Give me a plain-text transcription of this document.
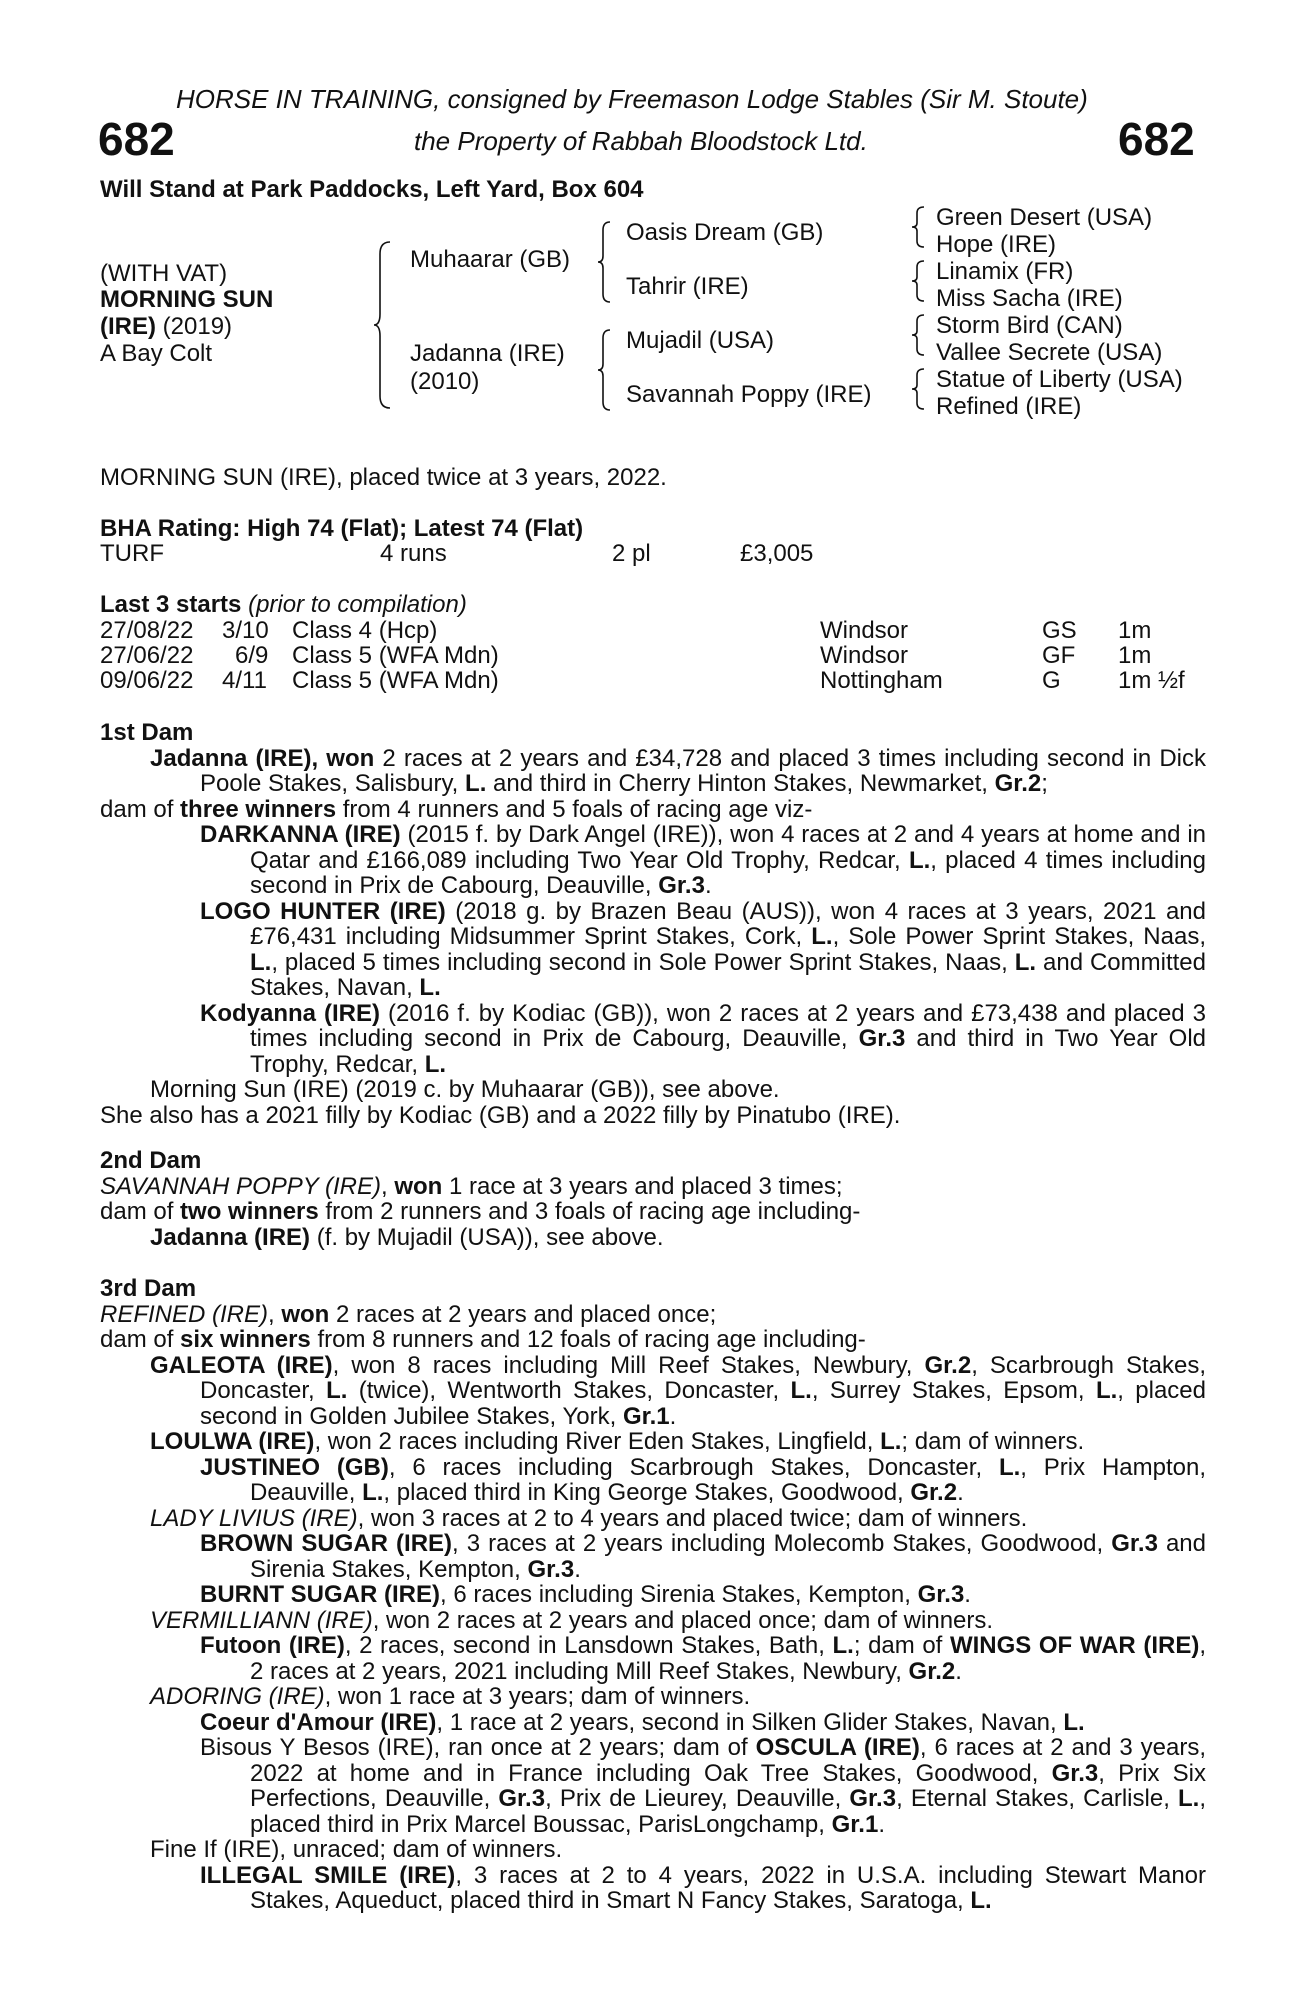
HORSE IN TRAINING, consigned by Freemason Lodge Stables (Sir M. Stoute)
682	the Property of Rabbah Bloodstock Ltd.	682
Will Stand at Park Paddocks, Left Yard, Box 604
(WITH VAT)
MORNING SUN
(IRE) (2019)
A Bay Colt
Muhaarar (GB)
Jadanna (IRE)
(2010)
Oasis Dream (GB)
Tahrir (IRE)
Mujadil (USA)
Savannah Poppy (IRE)
Green Desert (USA)
Hope (IRE)
Linamix (FR)
Miss Sacha (IRE)
Storm Bird (CAN)
Vallee Secrete (USA)
Statue of Liberty (USA)
Refined (IRE)
MORNING SUN (IRE), placed twice at 3 years, 2022.
BHA Rating: High 74 (Flat); Latest 74 (Flat)
TURF	4 runs	2 pl	£3,005
Last 3 starts (prior to compilation)
27/08/22 3/10 Class 4 (Hcp)	Windsor	GS 1m
27/06/22 6/9 Class 5 (WFA Mdn)	Windsor	GF 1m
09/06/22 4/11 Class 5 (WFA Mdn)	Nottingham	G 1m ½f

1st Dam

Jadanna (IRE), won 2 races at 2 years and £34,728 and placed 3 times including second in Dick Poole Stakes, Salisbury, L. and third in Cherry Hinton Stakes, Newmarket, Gr.2;

dam of three winners from 4 runners and 5 foals of racing age viz-

DARKANNA (IRE) (2015 f. by Dark Angel (IRE)), won 4 races at 2 and 4 years at home and in Qatar and £166,089 including Two Year Old Trophy, Redcar, L., placed 4 times including second in Prix de Cabourg, Deauville, Gr.3.

LOGO HUNTER (IRE) (2018 g. by Brazen Beau (AUS)), won 4 races at 3 years, 2021 and £76,431 including Midsummer Sprint Stakes, Cork, L., Sole Power Sprint Stakes, Naas, L., placed 5 times including second in Sole Power Sprint Stakes, Naas, L. and Committed Stakes, Navan, L.

Kodyanna (IRE) (2016 f. by Kodiac (GB)), won 2 races at 2 years and £73,438 and placed 3 times including second in Prix de Cabourg, Deauville, Gr.3 and third in Two Year Old Trophy, Redcar, L.

Morning Sun (IRE) (2019 c. by Muhaarar (GB)), see above.

She also has a 2021 filly by Kodiac (GB) and a 2022 filly by Pinatubo (IRE).

2nd Dam

SAVANNAH POPPY (IRE), won 1 race at 3 years and placed 3 times;

dam of two winners from 2 runners and 3 foals of racing age including-

Jadanna (IRE) (f. by Mujadil (USA)), see above.

3rd Dam

REFINED (IRE), won 2 races at 2 years and placed once;

dam of six winners from 8 runners and 12 foals of racing age including-

GALEOTA (IRE), won 8 races including Mill Reef Stakes, Newbury, Gr.2, Scarbrough Stakes, Doncaster, L. (twice), Wentworth Stakes, Doncaster, L., Surrey Stakes, Epsom, L., placed second in Golden Jubilee Stakes, York, Gr.1.

LOULWA (IRE), won 2 races including River Eden Stakes, Lingfield, L.; dam of winners.

JUSTINEO (GB), 6 races including Scarbrough Stakes, Doncaster, L., Prix Hampton, Deauville, L., placed third in King George Stakes, Goodwood, Gr.2.

LADY LIVIUS (IRE), won 3 races at 2 to 4 years and placed twice; dam of winners.

BROWN SUGAR (IRE), 3 races at 2 years including Molecomb Stakes, Goodwood, Gr.3 and Sirenia Stakes, Kempton, Gr.3.

BURNT SUGAR (IRE), 6 races including Sirenia Stakes, Kempton, Gr.3.

VERMILLIANN (IRE), won 2 races at 2 years and placed once; dam of winners.

Futoon (IRE), 2 races, second in Lansdown Stakes, Bath, L.; dam of WINGS OF WAR (IRE), 2 races at 2 years, 2021 including Mill Reef Stakes, Newbury, Gr.2.

ADORING (IRE), won 1 race at 3 years; dam of winners.

Coeur d'Amour (IRE), 1 race at 2 years, second in Silken Glider Stakes, Navan, L.

Bisous Y Besos (IRE), ran once at 2 years; dam of OSCULA (IRE), 6 races at 2 and 3 years, 2022 at home and in France including Oak Tree Stakes, Goodwood, Gr.3, Prix Six Perfections, Deauville, Gr.3, Prix de Lieurey, Deauville, Gr.3, Eternal Stakes, Carlisle, L., placed third in Prix Marcel Boussac, ParisLongchamp, Gr.1.

Fine If (IRE), unraced; dam of winners.

ILLEGAL SMILE (IRE), 3 races at 2 to 4 years, 2022 in U.S.A. including Stewart Manor Stakes, Aqueduct, placed third in Smart N Fancy Stakes, Saratoga, L.
